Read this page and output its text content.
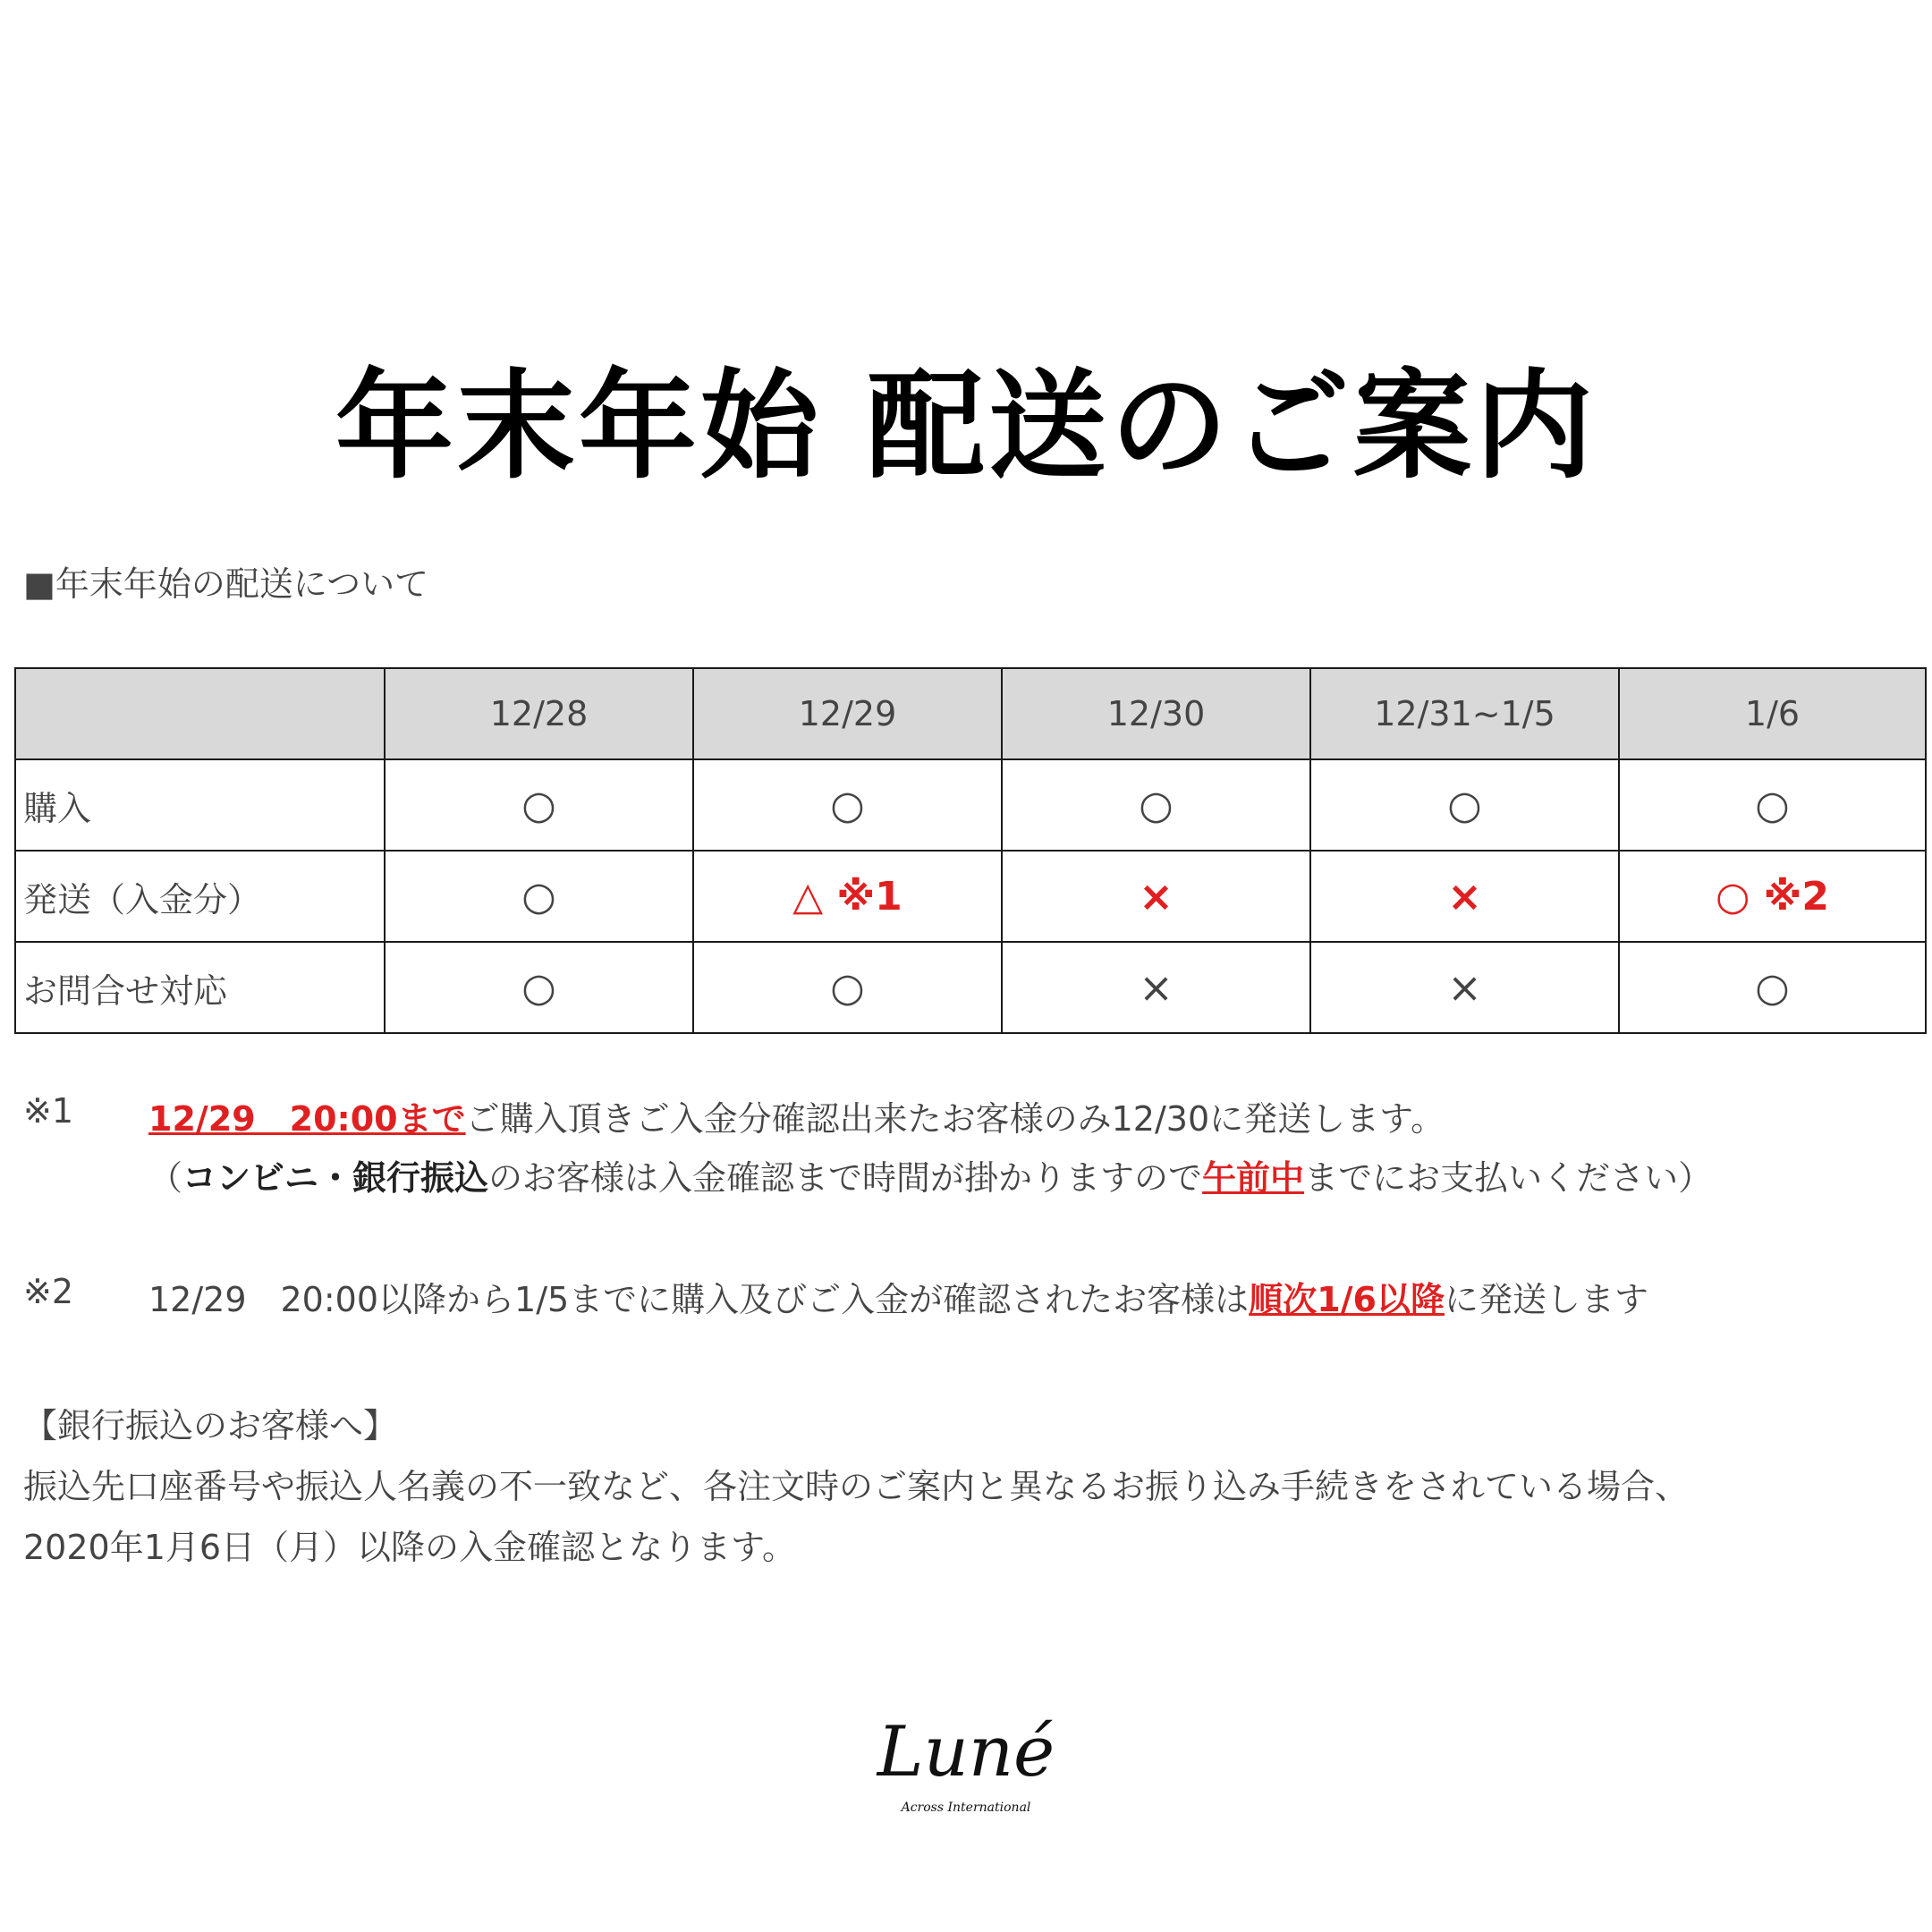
年末年始 配送のご案内
■年末年始の配送について
	12/28	12/29	12/30	12/31~1/5	1/6
購入	○	○	○	○	○
発送（入金分）	○	△ ※1	×	×	○ ※2
お問合せ対応	○	○	×	×	○
※1 12/29　20:00までご購入頂きご入金分確認出来たお客様のみ12/30に発送します。
（コンビニ・銀行振込のお客様は入金確認まで時間が掛かりますので午前中までにお支払いください）
※2 12/29　20:00以降から1/5までに購入及びご入金が確認されたお客様は順次1/6以降に発送します
【銀行振込のお客様へ】
振込先口座番号や振込人名義の不一致など、各注文時のご案内と異なるお振り込み手続きをされている場合、
2020年1月6日（月）以降の入金確認となります。
Luné
Across International
